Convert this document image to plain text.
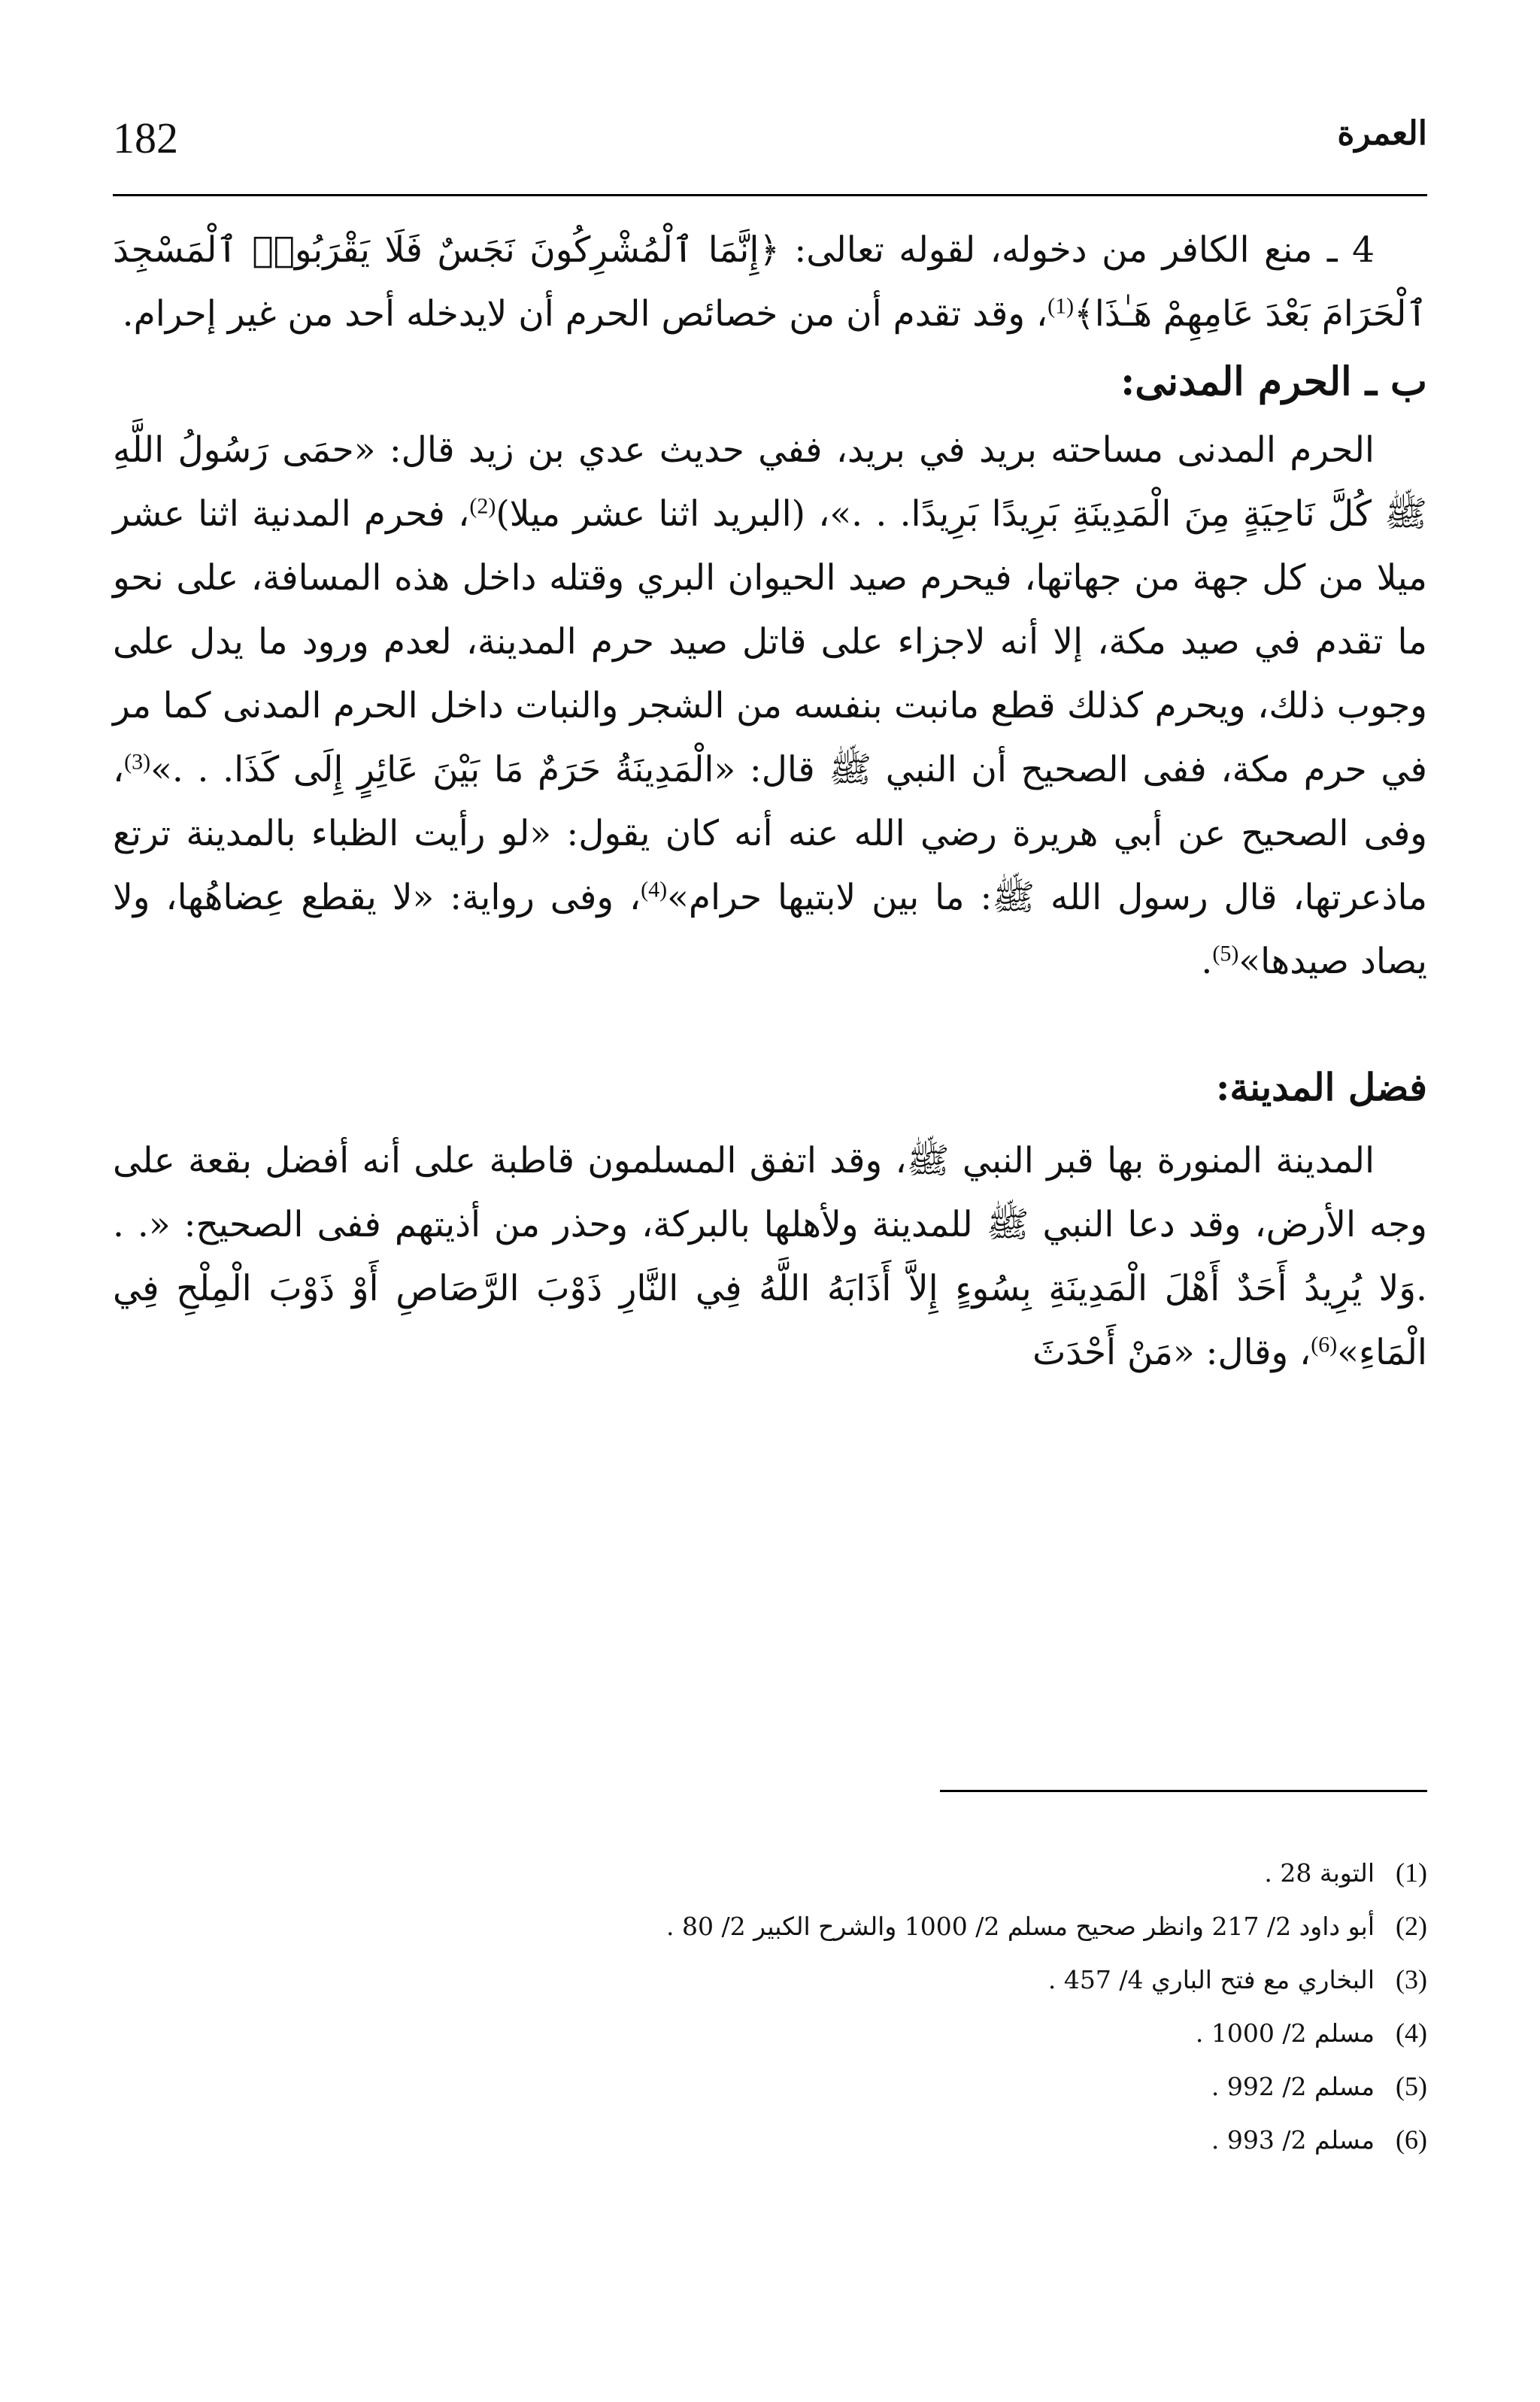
182	العمرة

4 ـ منع الكافر من دخوله، لقوله تعالى: ﴿إِنَّمَا ٱلْمُشْرِكُونَ نَجَسٌ فَلَا يَقْرَبُوا۟ ٱلْمَسْجِدَ ٱلْحَرَامَ بَعْدَ عَامِهِمْ هَـٰذَا﴾$^{(1)}$، وقد تقدم أن من خصائص الحرم أن لايدخله أحد من غير إحرام.

ب ـ الحرم المدنى:

الحرم المدنى مساحته بريد في بريد، ففي حديث عدي بن زيد قال: «حمَى رَسُولُ اللَّهِ ﷺ كُلَّ نَاحِيَةٍ مِنَ الْمَدِينَةِ بَرِيدًا بَرِيدًا. . .»، (البريد اثنا عشر ميلا)$^{(2)}$، فحرم المدنية اثنا عشر ميلا من كل جهة من جهاتها، فيحرم صيد الحيوان البري وقتله داخل هذه المسافة، على نحو ما تقدم في صيد مكة، إلا أنه لاجزاء على قاتل صيد حرم المدينة، لعدم ورود ما يدل على وجوب ذلك، ويحرم كذلك قطع مانبت بنفسه من الشجر والنبات داخل الحرم المدنى كما مر في حرم مكة، ففى الصحيح أن النبي ﷺ قال: «الْمَدِينَةُ حَرَمٌ مَا بَيْنَ عَائِرٍ إِلَى كَذَا. . .»$^{(3)}$، وفى الصحيح عن أبي هريرة رضي الله عنه أنه كان يقول: «لو رأيت الظباء بالمدينة ترتع ماذعرتها، قال رسول الله ﷺ: ما بين لابتيها حرام»$^{(4)}$، وفى رواية: «لا يقطع عِضاهُها، ولا يصاد صيدها»$^{(5)}$.

فضل المدينة:

المدينة المنورة بها قبر النبي ﷺ، وقد اتفق المسلمون قاطبة على أنه أفضل بقعة على وجه الأرض، وقد دعا النبي ﷺ للمدينة ولأهلها بالبركة، وحذر من أذيتهم ففى الصحيح: «. . .وَلا يُرِيدُ أَحَدٌ أَهْلَ الْمَدِينَةِ بِسُوءٍ إِلاَّ أَذَابَهُ اللَّهُ فِي النَّارِ ذَوْبَ الرَّصَاصِ أَوْ ذَوْبَ الْمِلْحِ فِي الْمَاءِ»$^{(6)}$، وقال: «مَنْ أَحْدَثَ

(1)التوبة 28 .
(2)أبو داود 2/ 217 وانظر صحيح مسلم 2/ 1000 والشرح الكبير 2/ 80 .
(3)البخاري مع فتح الباري 4/ 457 .
(4)مسلم 2/ 1000 .
(5)مسلم 2/ 992 .
(6)مسلم 2/ 993 .
